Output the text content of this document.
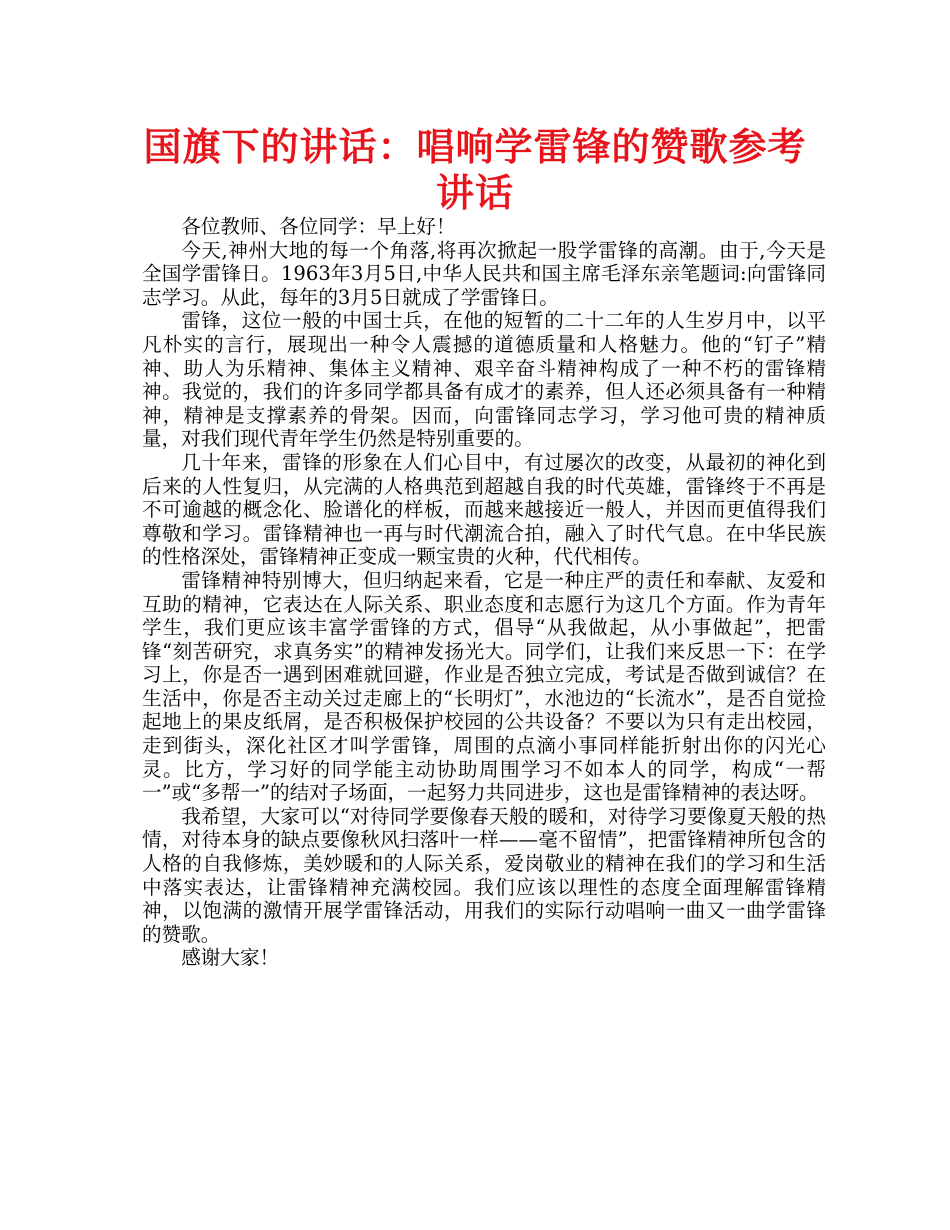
国旗下的讲话：唱响学雷锋的赞歌参考讲话

各位教师、各位同学：早上好！

今天,神州大地的每一个角落,将再次掀起一股学雷锋的高潮。由于,今天是全国学雷锋日。1963年3月5日,中华人民共和国主席毛泽东亲笔题词:向雷锋同志学习。从此，每年的3月5日就成了学雷锋日。

雷锋，这位一般的中国士兵，在他的短暂的二十二年的人生岁月中，以平凡朴实的言行，展现出一种令人震撼的道德质量和人格魅力。他的“钉子”精神、助人为乐精神、集体主义精神、艰辛奋斗精神构成了一种不朽的雷锋精神。我觉的，我们的许多同学都具备有成才的素养，但人还必须具备有一种精神，精神是支撑素养的骨架。因而，向雷锋同志学习，学习他可贵的精神质量，对我们现代青年学生仍然是特别重要的。

几十年来，雷锋的形象在人们心目中，有过屡次的改变，从最初的神化到后来的人性复归，从完满的人格典范到超越自我的时代英雄，雷锋终于不再是不可逾越的概念化、脸谱化的样板，而越来越接近一般人，并因而更值得我们尊敬和学习。雷锋精神也一再与时代潮流合拍，融入了时代气息。在中华民族的性格深处，雷锋精神正变成一颗宝贵的火种，代代相传。

雷锋精神特别博大，但归纳起来看，它是一种庄严的责任和奉献、友爱和互助的精神，它表达在人际关系、职业态度和志愿行为这几个方面。作为青年学生，我们更应该丰富学雷锋的方式，倡导“从我做起，从小事做起”，把雷锋“刻苦研究，求真务实”的精神发扬光大。同学们，让我们来反思一下：在学习上，你是否一遇到困难就回避，作业是否独立完成，考试是否做到诚信？在生活中，你是否主动关过走廊上的“长明灯”，水池边的“长流水”，是否自觉捡起地上的果皮纸屑，是否积极保护校园的公共设备？不要以为只有走出校园，走到街头，深化社区才叫学雷锋，周围的点滴小事同样能折射出你的闪光心灵。比方，学习好的同学能主动协助周围学习不如本人的同学，构成“一帮一”或“多帮一”的结对子场面，一起努力共同进步，这也是雷锋精神的表达呀。

我希望，大家可以“对待同学要像春天般的暖和，对待学习要像夏天般的热情，对待本身的缺点要像秋风扫落叶一样——毫不留情”，把雷锋精神所包含的人格的自我修炼，美妙暖和的人际关系，爱岗敬业的精神在我们的学习和生活中落实表达，让雷锋精神充满校园。我们应该以理性的态度全面理解雷锋精神，以饱满的激情开展学雷锋活动，用我们的实际行动唱响一曲又一曲学雷锋的赞歌。

感谢大家！
